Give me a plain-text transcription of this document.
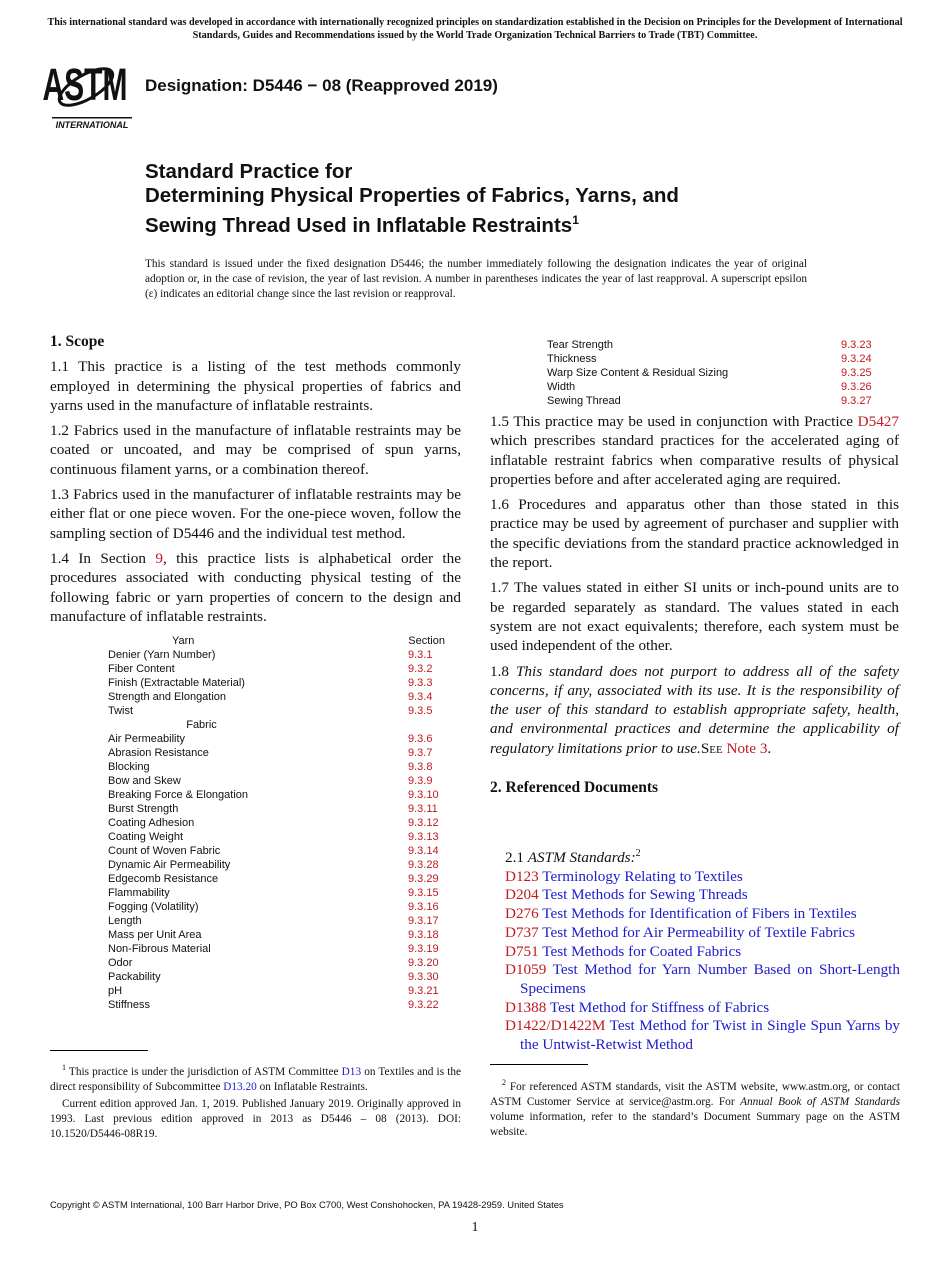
This international standard was developed in accordance with internationally recognized principles on standardization established in the Decision on Principles for the Development of International Standards, Guides and Recommendations issued by the World Trade Organization Technical Barriers to Trade (TBT) Committee.
ASTM
INTERNATIONAL
Designation: D5446 − 08 (Reapproved 2019)
Standard Practice for
Determining Physical Properties of Fabrics, Yarns, and
Sewing Thread Used in Inflatable Restraints$^1$
This standard is issued under the fixed designation D5446; the number immediately following the designation indicates the year of original adoption or, in the case of revision, the year of last revision. A number in parentheses indicates the year of last reapproval. A superscript epsilon (ε) indicates an editorial change since the last revision or reapproval.
1. Scope

1.1 This practice is a listing of the test methods commonly employed in determining the physical properties of fabrics and yarns used in the manufacture of inflatable restraints.

1.2 Fabrics used in the manufacture of inflatable restraints may be coated or uncoated, and may be comprised of spun yarns, continuous filament yarns, or a combination thereof.

1.3 Fabrics used in the manufacturer of inflatable restraints may be either flat or one piece woven. For the one-piece woven, follow the sampling section of D5446 and the individual test method.

1.4 In Section 9, this practice lists is alphabetical order the procedures associated with conducting physical testing of the following fabric or yarn properties of concern to the design and manufacture of inflatable restraints.

Yarn	Section
Denier (Yarn Number)	9.3.1
Fiber Content	9.3.2
Finish (Extractable Material)	9.3.3
Strength and Elongation	9.3.4
Twist	9.3.5
Fabric
Air Permeability	9.3.6
Abrasion Resistance	9.3.7
Blocking	9.3.8
Bow and Skew	9.3.9
Breaking Force & Elongation	9.3.10
Burst Strength	9.3.11
Coating Adhesion	9.3.12
Coating Weight	9.3.13
Count of Woven Fabric	9.3.14
Dynamic Air Permeability	9.3.28
Edgecomb Resistance	9.3.29
Flammability	9.3.15
Fogging (Volatility)	9.3.16
Length	9.3.17
Mass per Unit Area	9.3.18
Non-Fibrous Material	9.3.19
Odor	9.3.20
Packability	9.3.30
pH	9.3.21
Stiffness	9.3.22
Tear Strength	9.3.23
Thickness	9.3.24
Warp Size Content & Residual Sizing	9.3.25
Width	9.3.26
Sewing Thread	9.3.27

1.5 This practice may be used in conjunction with Practice D5427 which prescribes standard practices for the accelerated aging of inflatable restraint fabrics when comparative results of physical properties before and after accelerated aging are required.

1.6 Procedures and apparatus other than those stated in this practice may be used by agreement of purchaser and supplier with the specific deviations from the standard practice acknowledged in the report.

1.7 The values stated in either SI units or inch-pound units are to be regarded separately as standard. The values stated in each system are not exact equivalents; therefore, each system must be used independent of the other.

1.8 This standard does not purport to address all of the safety concerns, if any, associated with its use. It is the responsibility of the user of this standard to establish appropriate safety, health, and environmental practices and determine the applicability of regulatory limitations prior to use.See Note 3.

2. Referenced Documents
2.1 ASTM Standards:$^2$
D123 Terminology Relating to Textiles
D204 Test Methods for Sewing Threads
D276 Test Methods for Identification of Fibers in Textiles
D737 Test Method for Air Permeability of Textile Fabrics
D751 Test Methods for Coated Fabrics
D1059 Test Method for Yarn Number Based on Short-Length Specimens
D1388 Test Method for Stiffness of Fabrics
D1422/D1422M Test Method for Twist in Single Spun Yarns by the Untwist-Retwist Method

$^1$ This practice is under the jurisdiction of ASTM Committee D13 on Textiles and is the direct responsibility of Subcommittee D13.20 on Inflatable Restraints.

Current edition approved Jan. 1, 2019. Published January 2019. Originally approved in 1993. Last previous edition approved in 2013 as D5446 – 08 (2013). DOI: 10.1520/D5446-08R19.

$^2$ For referenced ASTM standards, visit the ASTM website, www.astm.org, or contact ASTM Customer Service at service@astm.org. For Annual Book of ASTM Standards volume information, refer to the standard’s Document Summary page on the ASTM website.

Copyright © ASTM International, 100 Barr Harbor Drive, PO Box C700, West Conshohocken, PA 19428-2959. United States
1
